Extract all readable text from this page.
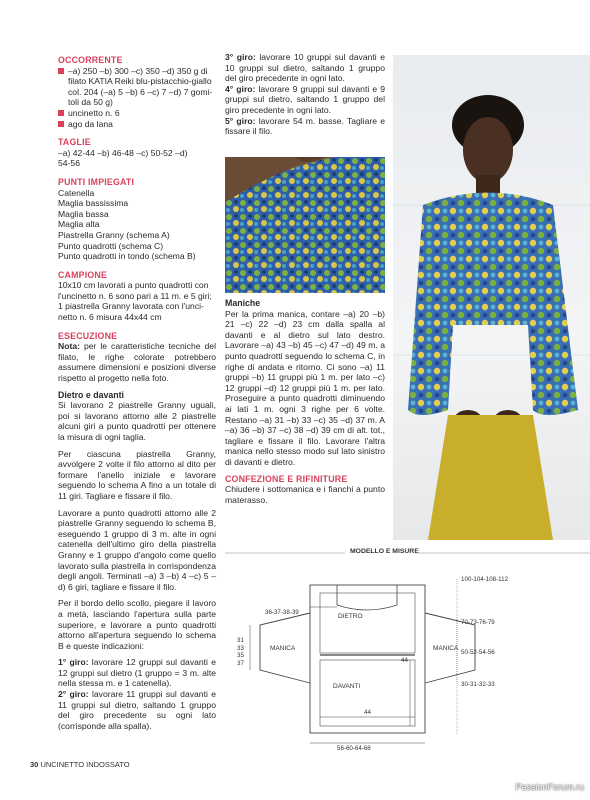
OCCORRENTE

–a) 250 –b) 300 –c) 350 –d) 350 g di

filato KATIA Reiki blu-pistacchio-giallo

col. 204 (–a) 5 –b) 6 –c) 7 –d) 7 gomi-

toli da 50 g)

uncinetto n. 6

ago da lana

TAGLIE

–a) 42-44 –b) 46-48 –c) 50-52 –d)

54-56

PUNTI IMPIEGATI

Catenella

Maglia bassissima

Maglia bassa

Maglia alta

Piastrella Granny (schema A)

Punto quadrotti (schema C)

Punto quadrotti in tondo (schema B)

CAMPIONE

10x10 cm lavorati a punto quadrotti con

l'uncinetto n. 6 sono pari a 11 m. e 5 giri;

1 piastrella Granny lavorata con l'unci-

netto n. 6 misura 44x44 cm

ESECUZIONE

Nota: per le caratteristiche tecniche del filato, le righe colorate potrebbero assumere dimensioni e posizioni diverse rispetto al progetto nella foto.

Dietro e davanti

Si lavorano 2 piastrelle Granny uguali, poi si lavorano attorno alle 2 piastrelle alcuni giri a punto quadrotti per ottenere la misura di ogni taglia.

Per ciascuna piastrella Granny, avvolgere 2 volte il filo attorno al dito per formare l'anello iniziale e lavorare seguendo lo schema A fino a un totale di 11 giri. Tagliare e fissare il filo.

Lavorare a punto quadrotti attorno alle 2 piastrelle Granny seguendo lo schema B, eseguendo 1 gruppo di 3 m. alte in ogni catenella dell'ultimo giro della piastrella Granny e 1 gruppo d'angolo come quello lavorato sulla piastrella in corrispondenza degli angoli. Terminati –a) 3 –b) 4 –c) 5 –d) 6 giri, tagliare e fissare il filo.

Per il bordo dello scollo, piegare il lavoro a metà, lasciando l'apertura sulla parte superiore, e lavorare a punto quadrotti attorno all'apertura seguendo lo schema B e queste indicazioni:

1° giro: lavorare 12 gruppi sul davanti e 12 gruppi sul dietro (1 gruppo = 3 m. alte nella stessa m. e 1 catenella).

2° giro: lavorare 11 gruppi sul davanti e 11 gruppi sul dietro, saltando 1 gruppo del giro precedente su ogni lato (corrisponde alla spalla).

3° giro: lavorare 10 gruppi sul davanti e 10 gruppi sul dietro, saltando 1 gruppo del giro precedente in ogni lato.

4° giro: lavorare 9 gruppi sul davanti e 9 gruppi sul dietro, saltando 1 gruppo del giro precedente in ogni lato.

5° giro: lavorare 54 m. basse. Tagliare e fissare il filo.

Maniche

Per la prima manica, contare –a) 20 –b) 21 –c) 22 –d) 23 cm dalla spalla al davanti e al dietro sul lato destro. Lavorare –a) 43 –b) 45 –c) 47 –d) 49 m. a punto quadrotti seguendo lo schema C, in righe di andata e ritorno. Ci sono –a) 11 gruppi –b) 11 gruppi più 1 m. per lato –c) 12 gruppi –d) 12 gruppi più 1 m. per lato. Proseguire a punto quadrotti diminuendo ai lati 1 m. ogni 3 righe per 6 volte. Restano –a) 31 –b) 33 –c) 35 –d) 37 m. A –a) 36 –b) 37 –c) 38 –d) 39 cm di alt. tot., tagliare e fissare il filo. Lavorare l'altra manica nello stesso modo sul lato sinistro di davanti e dietro.

CONFEZIONE E RIFINITURE

Chiudere i sottomanica e i fianchi a punto materasso.

MODELLO E MISURE
36-37-38-39
DIETRO
DAVANTI
MANICA	MANICA
31
33
35
37
100-104-108-112
70-73-76-79
50-52-54-56
30-31-32-33
44
44
56-60-64-68
30 UNCINETTO INDOSSATO
PassionForum.ru
